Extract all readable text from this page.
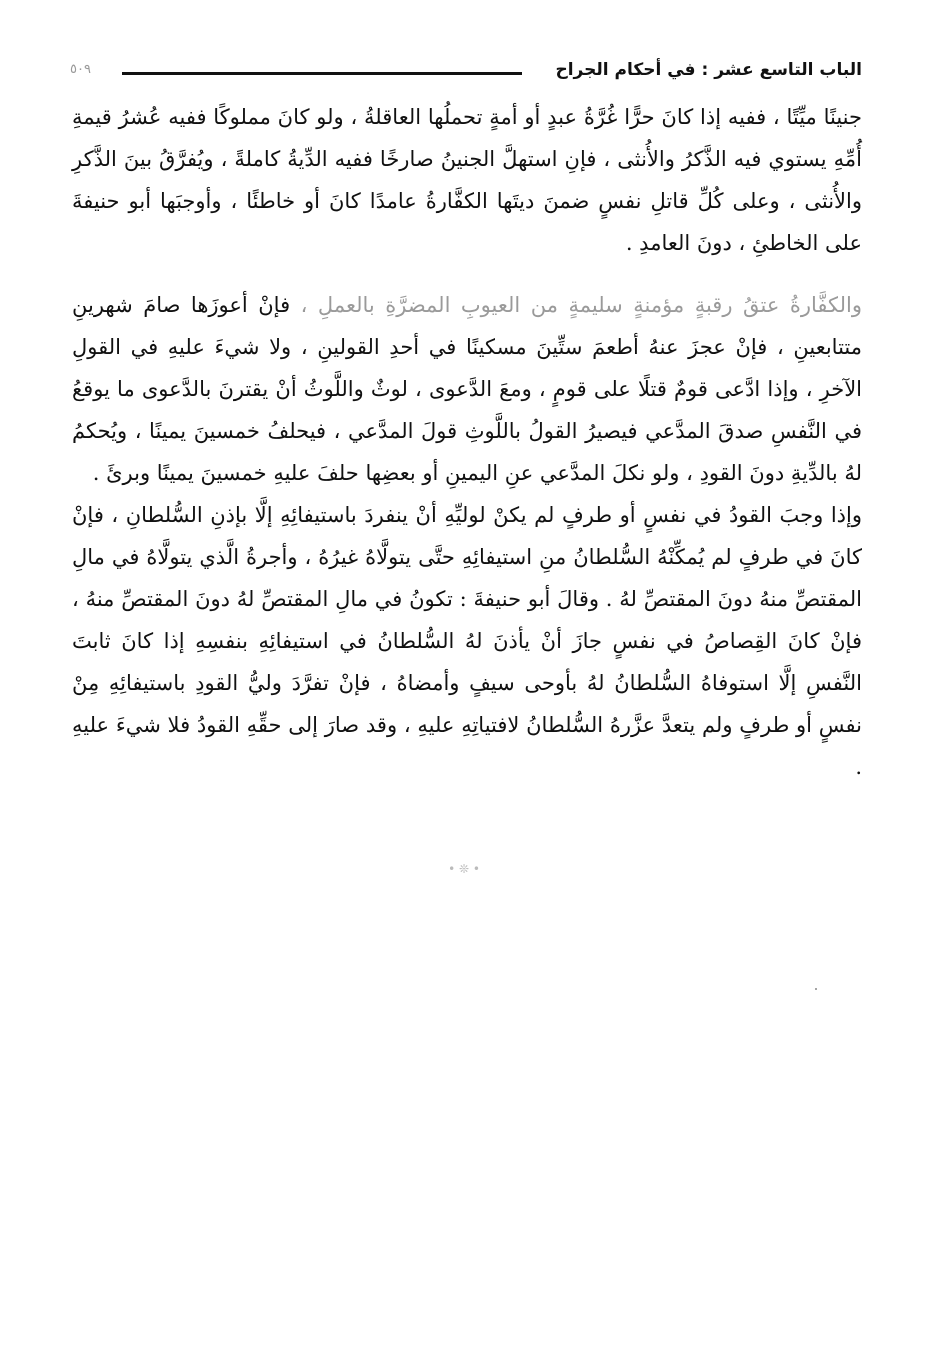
الباب التاسع عشر : في أحكام الجراح
٥٠٩

جنينًا ميِّتًا ، ففيه إذا كانَ حرًّا غُرَّةُ عبدٍ أو أمةٍ تحملُها العاقلةُ ، ولو كانَ مملوكًا ففيه عُشرُ قيمةِ أُمِّهِ يستوي فيه الذَّكرُ والأُنثى ، فإنِ استهلَّ الجنينُ صارخًا ففيه الدِّيةُ كاملةً ، ويُفرَّقُ بينَ الذَّكرِ والأُنثى ، وعلى كُلِّ قاتلِ نفسٍ ضمنَ ديتَها الكفَّارةُ عامدًا كانَ أو خاطئًا ، وأوجبَها أبو حنيفةَ على الخاطئِ ، دونَ العامدِ .

والكفَّارةُ عتقُ رقبةٍ مؤمنةٍ سليمةٍ من العيوبِ المضرَّةِ بالعملِ ، فإنْ أعوزَها صامَ شهرينِ متتابعينِ ، فإنْ عجزَ عنهُ أطعمَ ستِّينَ مسكينًا في أحدِ القولينِ ، ولا شيءَ عليهِ في القولِ الآخرِ ، وإذا ادَّعى قومٌ قتلًا على قومٍ ، ومعَ الدَّعوى ، لوثٌ واللَّوثُ أنْ يقترنَ بالدَّعوى ما يوقعُ في النَّفسِ صدقَ المدَّعي فيصيرُ القولُ باللَّوثِ قولَ المدَّعي ، فيحلفُ خمسينَ يمينًا ، ويُحكمُ لهُ بالدِّيةِ دونَ القودِ ، ولو نكلَ المدَّعي عنِ اليمينِ أو بعضِها حلفَ عليهِ خمسينَ يمينًا وبرئَ .

وإذا وجبَ القودُ في نفسٍ أو طرفٍ لم يكنْ لوليِّهِ أنْ ينفردَ باستيفائِهِ إلَّا بإذنِ السُّلطانِ ، فإنْ كانَ في طرفٍ لم يُمكِّنْهُ السُّلطانُ منِ استيفائِهِ حتَّى يتولَّاهُ غيرُهُ ، وأجرةُ الَّذي يتولَّاهُ في مالِ المقتصِّ منهُ دونَ المقتصِّ لهُ . وقالَ أبو حنيفةَ : تكونُ في مالِ المقتصِّ لهُ دونَ المقتصِّ منهُ ، فإنْ كانَ القِصاصُ في نفسٍ جازَ أنْ يأذنَ لهُ السُّلطانُ في استيفائِهِ بنفسِهِ إذا كانَ ثابتَ النَّفسِ إلَّا استوفاهُ السُّلطانُ لهُ بأوحى سيفٍ وأمضاهُ ، فإنْ تفرَّدَ وليُّ القودِ باستيفائِهِ مِنْ نفسٍ أو طرفٍ ولم يتعدَّ عزَّرهُ السُّلطانُ لافتياتِهِ عليهِ ، وقد صارَ إلى حقِّهِ القودُ فلا شيءَ عليهِ .

• ❊ •
